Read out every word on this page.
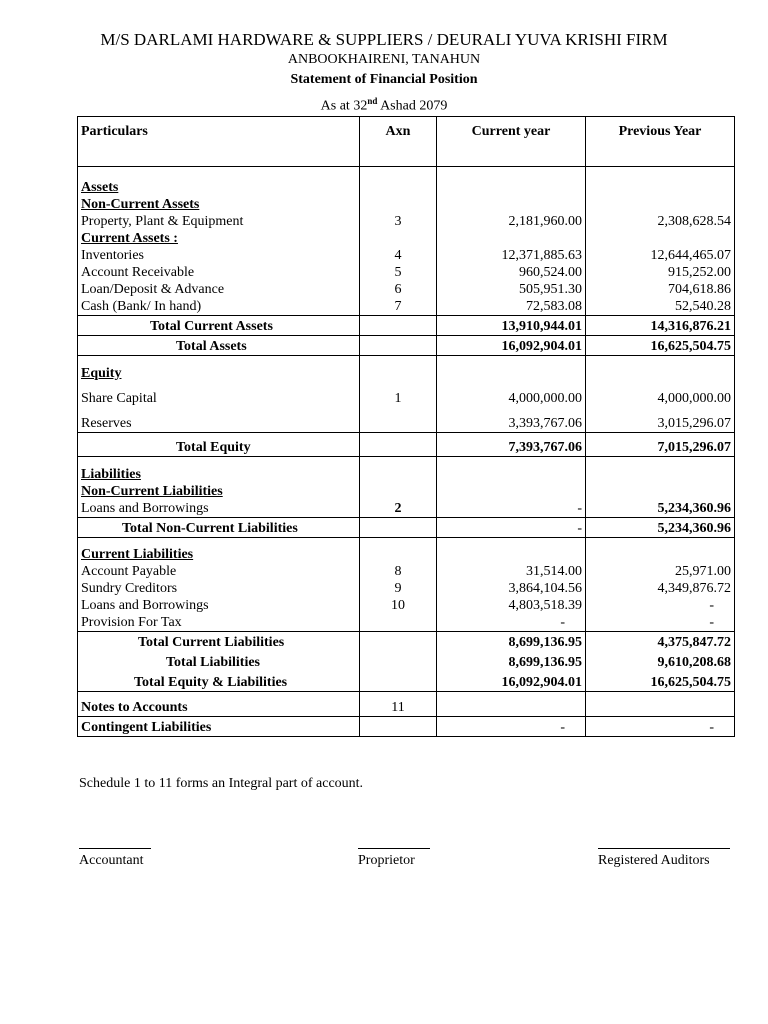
M/S DARLAMI HARDWARE & SUPPLIERS / DEURALI YUVA KRISHI FIRM
ANBOOKHAIRENI, TANAHUN
Statement of Financial Position
As at 32nd Ashad 2079
Particulars	Axn	Current year	Previous Year
Assets			
Non-Current Assets			
Property, Plant & Equipment	3	2,181,960.00	2,308,628.54
Current Assets :			
Inventories	4	12,371,885.63	12,644,465.07
Account Receivable	5	960,524.00	915,252.00
Loan/Deposit & Advance	6	505,951.30	704,618.86
Cash (Bank/ In hand)	7	72,583.08	52,540.28
Total Current Assets		13,910,944.01	14,316,876.21
Total Assets		16,092,904.01	16,625,504.75
Equity			
Share Capital	1	4,000,000.00	4,000,000.00
Reserves		3,393,767.06	3,015,296.07
Total Equity		7,393,767.06	7,015,296.07
Liabilities			
Non-Current Liabilities			
Loans and Borrowings	2	-	5,234,360.96
Total Non-Current Liabilities		-	5,234,360.96
Current Liabilities			
Account Payable	8	31,514.00	25,971.00
Sundry Creditors	9	3,864,104.56	4,349,876.72
Loans and Borrowings	10	4,803,518.39	-
Provision For Tax		-	-
Total Current Liabilities		8,699,136.95	4,375,847.72
Total Liabilities		8,699,136.95	9,610,208.68
Total Equity & Liabilities		16,092,904.01	16,625,504.75
Notes to Accounts	11		
Contingent Liabilities		-	-
Schedule 1 to 11 forms an Integral part of account.
Accountant	Proprietor	Registered Auditors
